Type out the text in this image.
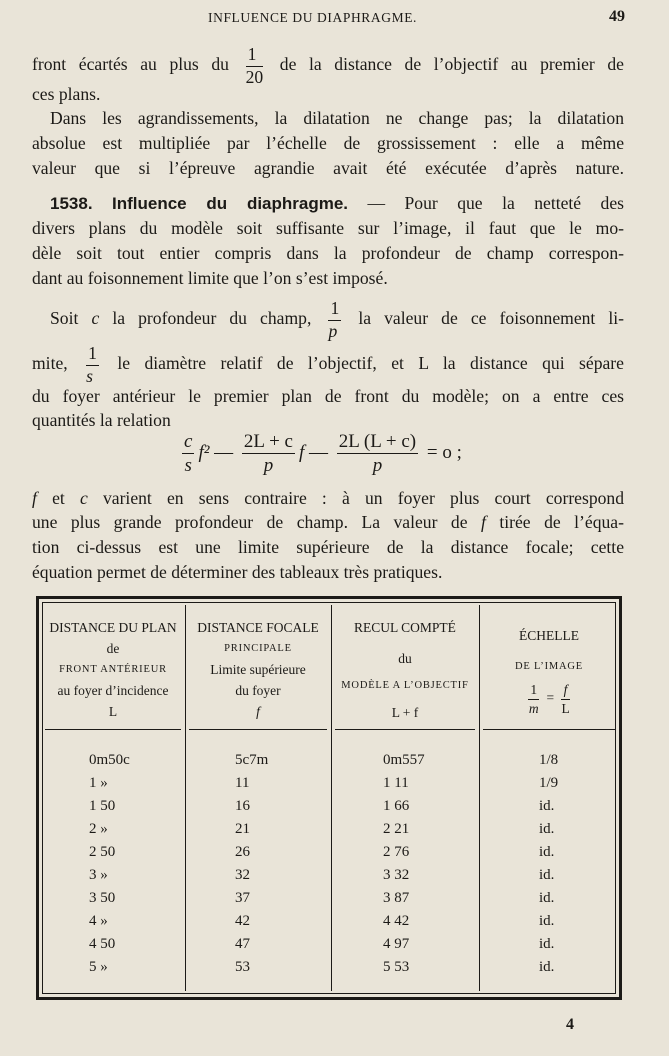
INFLUENCE DU DIAPHRAGME.	49
front écartés au plus du $\frac{1}{20}$ de la distance de l’objectif au premier de
ces plans.
Dans les agrandissements, la dilatation ne change pas; la dilatation
absolue est multipliée par l’échelle de grossissement : elle a même
valeur que si l’épreuve agrandie avait été exécutée d’après nature.
1538. Influence du diaphragme. — Pour que la netteté des
divers plans du modèle soit suffisante sur l’image, il faut que le mo-
dèle soit tout entier compris dans la profondeur de champ correspon-
dant au foisonnement limite que l’on s’est imposé.
Soit c la profondeur du champ, $\frac{1}{p}$ la valeur de ce foisonnement li-
mite, $\frac{1}{s}$ le diamètre relatif de l’objectif, et L la distance qui sépare
du foyer antérieur le premier plan de front du modèle; on a entre ces
quantités la relation
$\frac{c}{s} f^2$ — $\frac{2L + c}{p}$ f — $\frac{2L (L + c)}{p} = o$ ;
f et c varient en sens contraire : à un foyer plus court correspond
une plus grande profondeur de champ. La valeur de f tirée de l’équa-
tion ci-dessus est une limite supérieure de la distance focale; cette
équation permet de déterminer des tableaux très pratiques.
DISTANCE DU PLAN
de
FRONT ANTÉRIEUR
au foyer d’incidence
L
DISTANCE FOCALE
PRINCIPALE
Limite supérieure
du foyer
f
RECUL COMPTÉ
du
MODÈLE A L’OBJECTIF
L + f
ÉCHELLE
DE L’IMAGE
$\frac{1}{m} = \frac{f}{L}$
0m50c
1 »
1 50
2 »
2 50
3 »
3 50
4 »
4 50
5 »
5c7m
11
16
21
26
32
37
42
47
53
0m557
1 11
1 66
2 21
2 76
3 32
3 87
4 42
4 97
5 53
1/8
1/9
id.
id.
id.
id.
id.
id.
id.
id.
4
